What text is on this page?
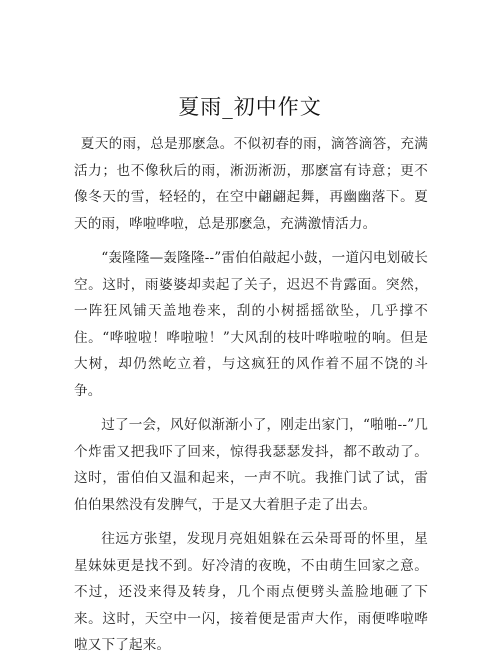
夏雨_初中作文

夏天的雨，总是那麽急。不似初春的雨，滴答滴答，充满活力；也不像秋后的雨，淅沥淅沥，那麽富有诗意；更不像冬天的雪，轻轻的，在空中翩翩起舞，再幽幽落下。夏天的雨，哗啦哗啦，总是那麽急，充满激情活力。

“轰隆隆—轰隆隆--”雷伯伯敲起小鼓，一道闪电划破长空。这时，雨婆婆却卖起了关子，迟迟不肯露面。突然，一阵狂风铺天盖地卷来，刮的小树摇摇欲坠，几乎撑不住。“哗啦啦！哗啦啦！”大风刮的枝叶哗啦啦的响。但是大树，却仍然屹立着，与这疯狂的风作着不屈不饶的斗争。

过了一会，风好似渐渐小了，刚走出家门，“啪啪--”几个炸雷又把我吓了回来，惊得我瑟瑟发抖，都不敢动了。这时，雷伯伯又温和起来，一声不吭。我推门试了试，雷伯伯果然没有发脾气，于是又大着胆子走了出去。

往远方张望，发现月亮姐姐躲在云朵哥哥的怀里，星星妹妹更是找不到。好冷清的夜晚，不由萌生回家之意。不过，还没来得及转身，几个雨点便劈头盖脸地砸了下来。这时，天空中一闪，接着便是雷声大作，雨便哗啦哗啦又下了起来。
